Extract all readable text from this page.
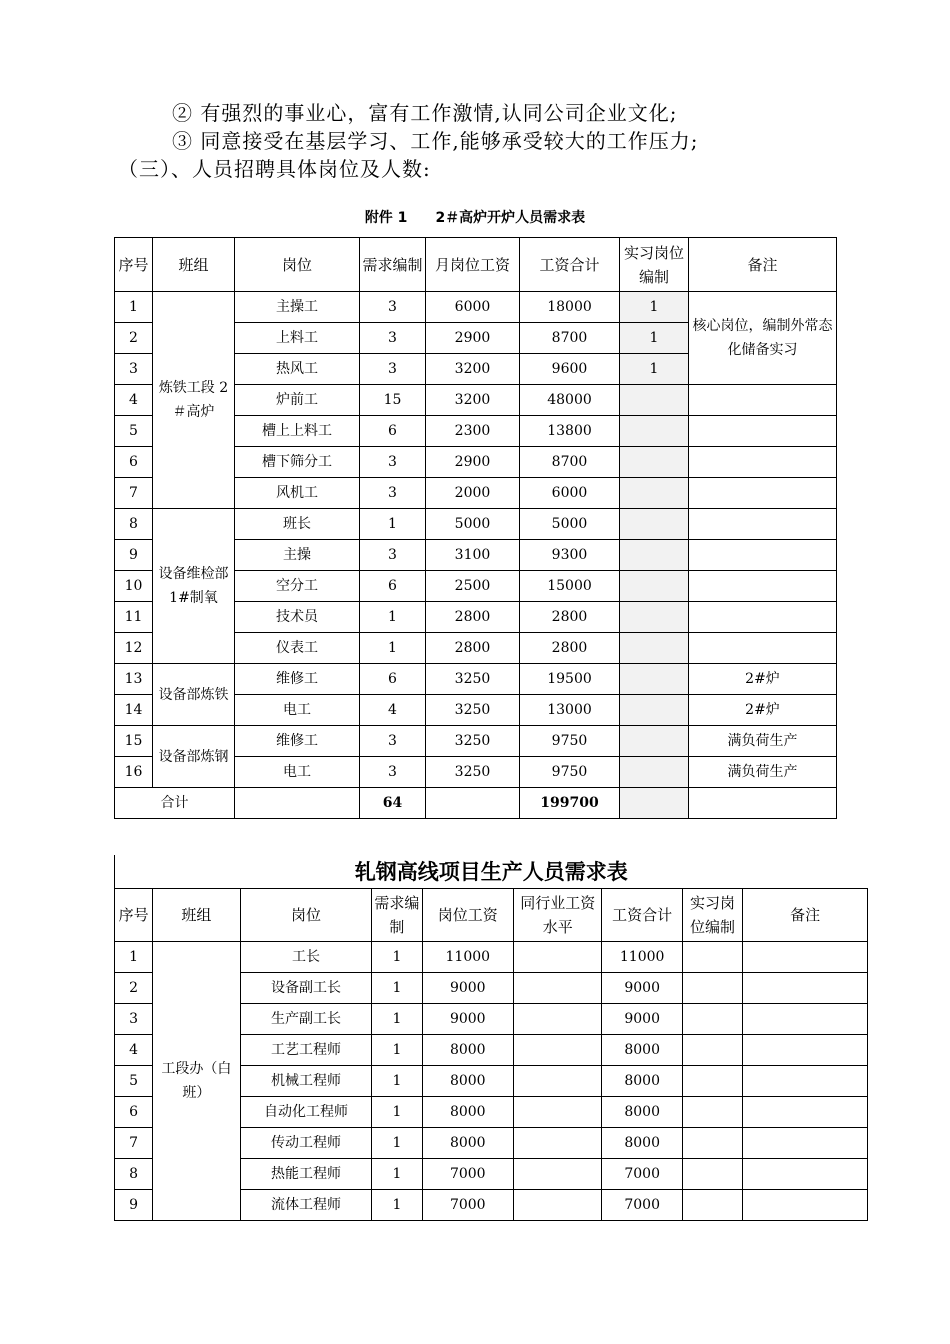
② 有强烈的事业心，富有工作激情,认同公司企业文化;
③ 同意接受在基层学习、工作,能够承受较大的工作压力;
（三）、人员招聘具体岗位及人数:
附件 1 2＃高炉开炉人员需求表
序号	班组	岗位	需求编制	月岗位工资	工资合计	实习岗位编制	备注
1	炼铁工段 2＃高炉	主操工	3	6000	18000	1	核心岗位，编制外常态化储备实习
2		上料工	3	2900	8700	1	
3		热风工	3	3200	9600	1	
4		炉前工	15	3200	48000		
5		槽上上料工	6	2300	13800		
6		槽下筛分工	3	2900	8700		
7		风机工	3	2000	6000		
8	设备维检部 1#制氧	班长	1	5000	5000		
9		主操	3	3100	9300		
10		空分工	6	2500	15000		
11		技术员	1	2800	2800		
12		仪表工	1	2800	2800		
13	设备部炼铁	维修工	6	3250	19500		2#炉
14		电工	4	3250	13000		2#炉
15	设备部炼钢	维修工	3	3250	9750		满负荷生产
16		电工	3	3250	9750		满负荷生产
合计			64		199700		
轧钢高线项目生产人员需求表								
序号	班组	岗位	需求编制	岗位工资	同行业工资水平	工资合计	实习岗位编制	备注
1	工段办（白班）	工长	1	11000		11000		
2		设备副工长	1	9000		9000		
3		生产副工长	1	9000		9000		
4		工艺工程师	1	8000		8000		
5		机械工程师	1	8000		8000		
6		自动化工程师	1	8000		8000		
7		传动工程师	1	8000		8000		
8		热能工程师	1	7000		7000		
9		流体工程师	1	7000		7000		
